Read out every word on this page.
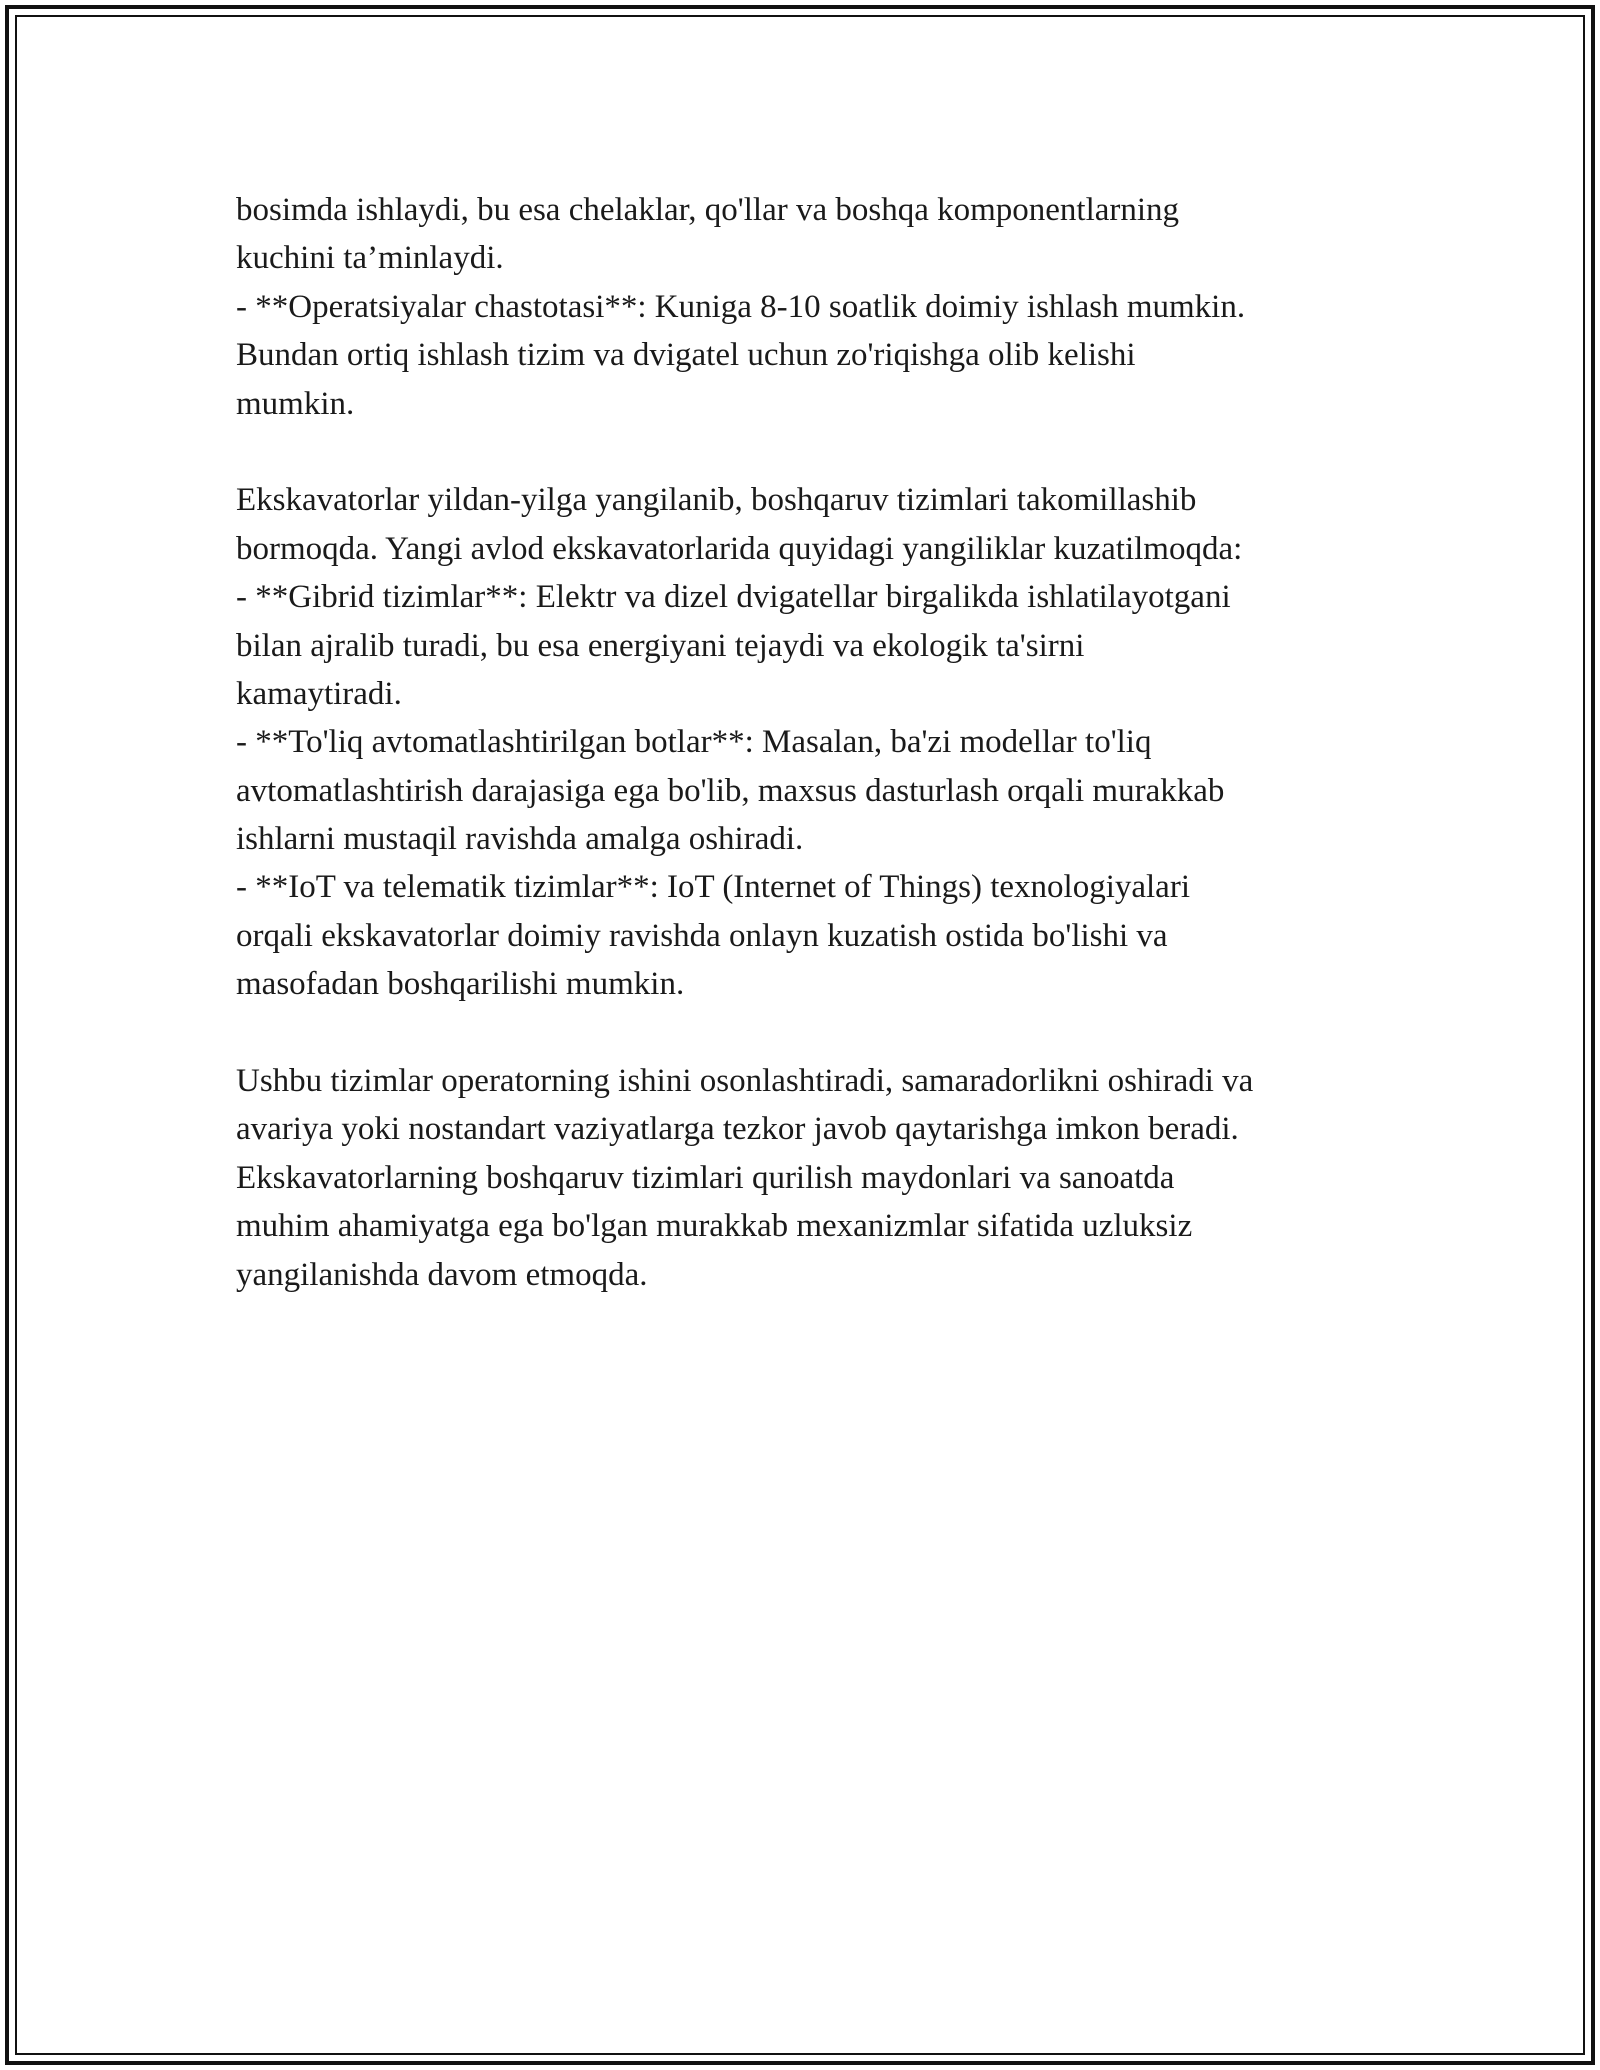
bosimda ishlaydi, bu esa chelaklar, qo'llar va boshqa komponentlarning
kuchini ta’minlaydi.
- **Operatsiyalar chastotasi**: Kuniga 8-10 soatlik doimiy ishlash mumkin.
Bundan ortiq ishlash tizim va dvigatel uchun zo'riqishga olib kelishi
mumkin.
Ekskavatorlar yildan-yilga yangilanib, boshqaruv tizimlari takomillashib
bormoqda. Yangi avlod ekskavatorlarida quyidagi yangiliklar kuzatilmoqda:
- **Gibrid tizimlar**: Elektr va dizel dvigatellar birgalikda ishlatilayotgani
bilan ajralib turadi, bu esa energiyani tejaydi va ekologik ta'sirni
kamaytiradi.
- **To'liq avtomatlashtirilgan botlar**: Masalan, ba'zi modellar to'liq
avtomatlashtirish darajasiga ega bo'lib, maxsus dasturlash orqali murakkab
ishlarni mustaqil ravishda amalga oshiradi.
- **IoT va telematik tizimlar**: IoT (Internet of Things) texnologiyalari
orqali ekskavatorlar doimiy ravishda onlayn kuzatish ostida bo'lishi va
masofadan boshqarilishi mumkin.
Ushbu tizimlar operatorning ishini osonlashtiradi, samaradorlikni oshiradi va
avariya yoki nostandart vaziyatlarga tezkor javob qaytarishga imkon beradi.
Ekskavatorlarning boshqaruv tizimlari qurilish maydonlari va sanoatda
muhim ahamiyatga ega bo'lgan murakkab mexanizmlar sifatida uzluksiz
yangilanishda davom etmoqda.
